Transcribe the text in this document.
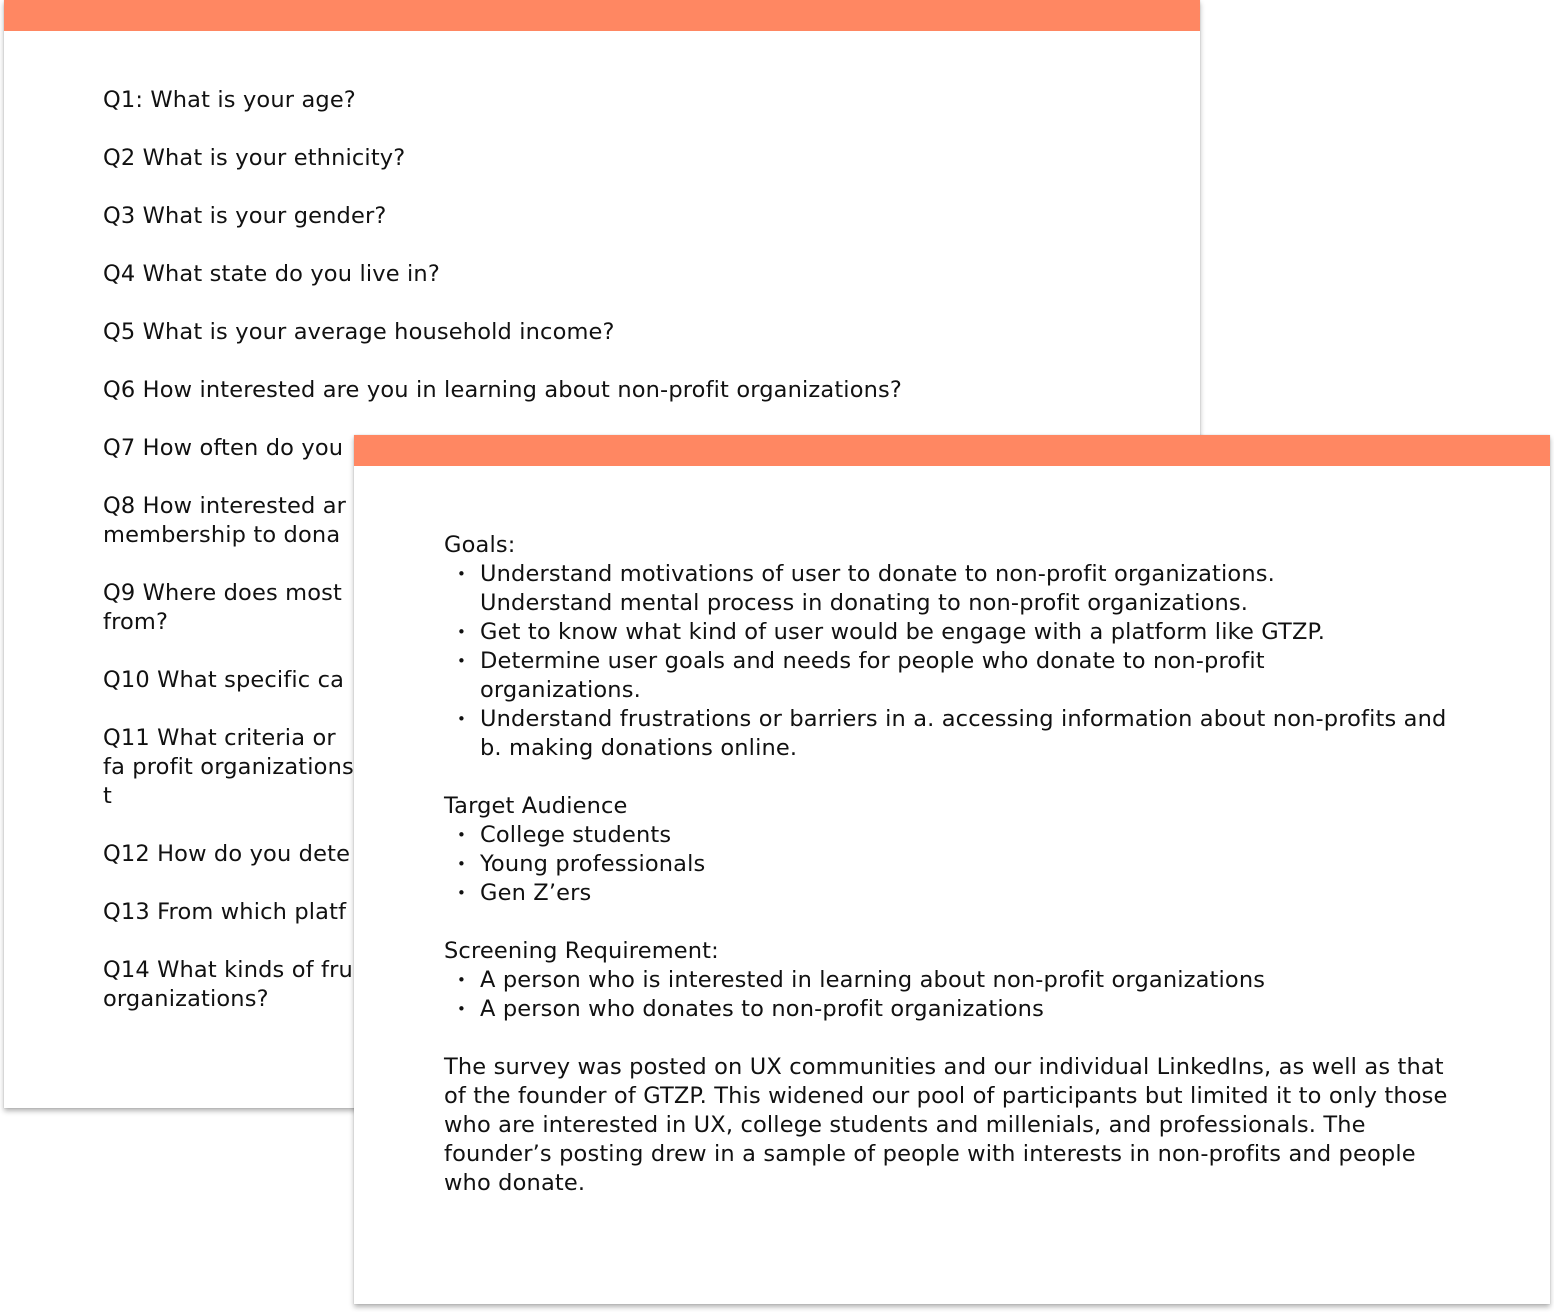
Q1: What is your age?
Q2 What is your ethnicity?
Q3 What is your gender?
Q4 What state do you live in?
Q5 What is your average household income?
Q6 How interested are you in learning about non-profit organizations?
Q7 How often do you
Q8 How interested ar membership to dona
Q9 Where does most from?
Q10 What specific ca
Q11 What criteria or fa profit organizations t
Q12 How do you dete
Q13 From which platf
Q14 What kinds of fru organizations?
Goals:
• Understand motivations of user to donate to non-profit organizations.
Understand mental process in donating to non-profit organizations.
• Get to know what kind of user would be engage with a platform like GTZP.
• Determine user goals and needs for people who donate to non-profit organizations.
• Understand frustrations or barriers in a. accessing information about non-profits and b. making donations online.
Target Audience
• College students
• Young professionals
• Gen Z’ers
Screening Requirement:
• A person who is interested in learning about non-profit organizations
• A person who donates to non-profit organizations

The survey was posted on UX communities and our individual LinkedIns, as well as that of the founder of GTZP. This widened our pool of participants but limited it to only those who are interested in UX, college students and millenials, and professionals. The founder’s posting drew in a sample of people with interests in non-profits and people who donate.
